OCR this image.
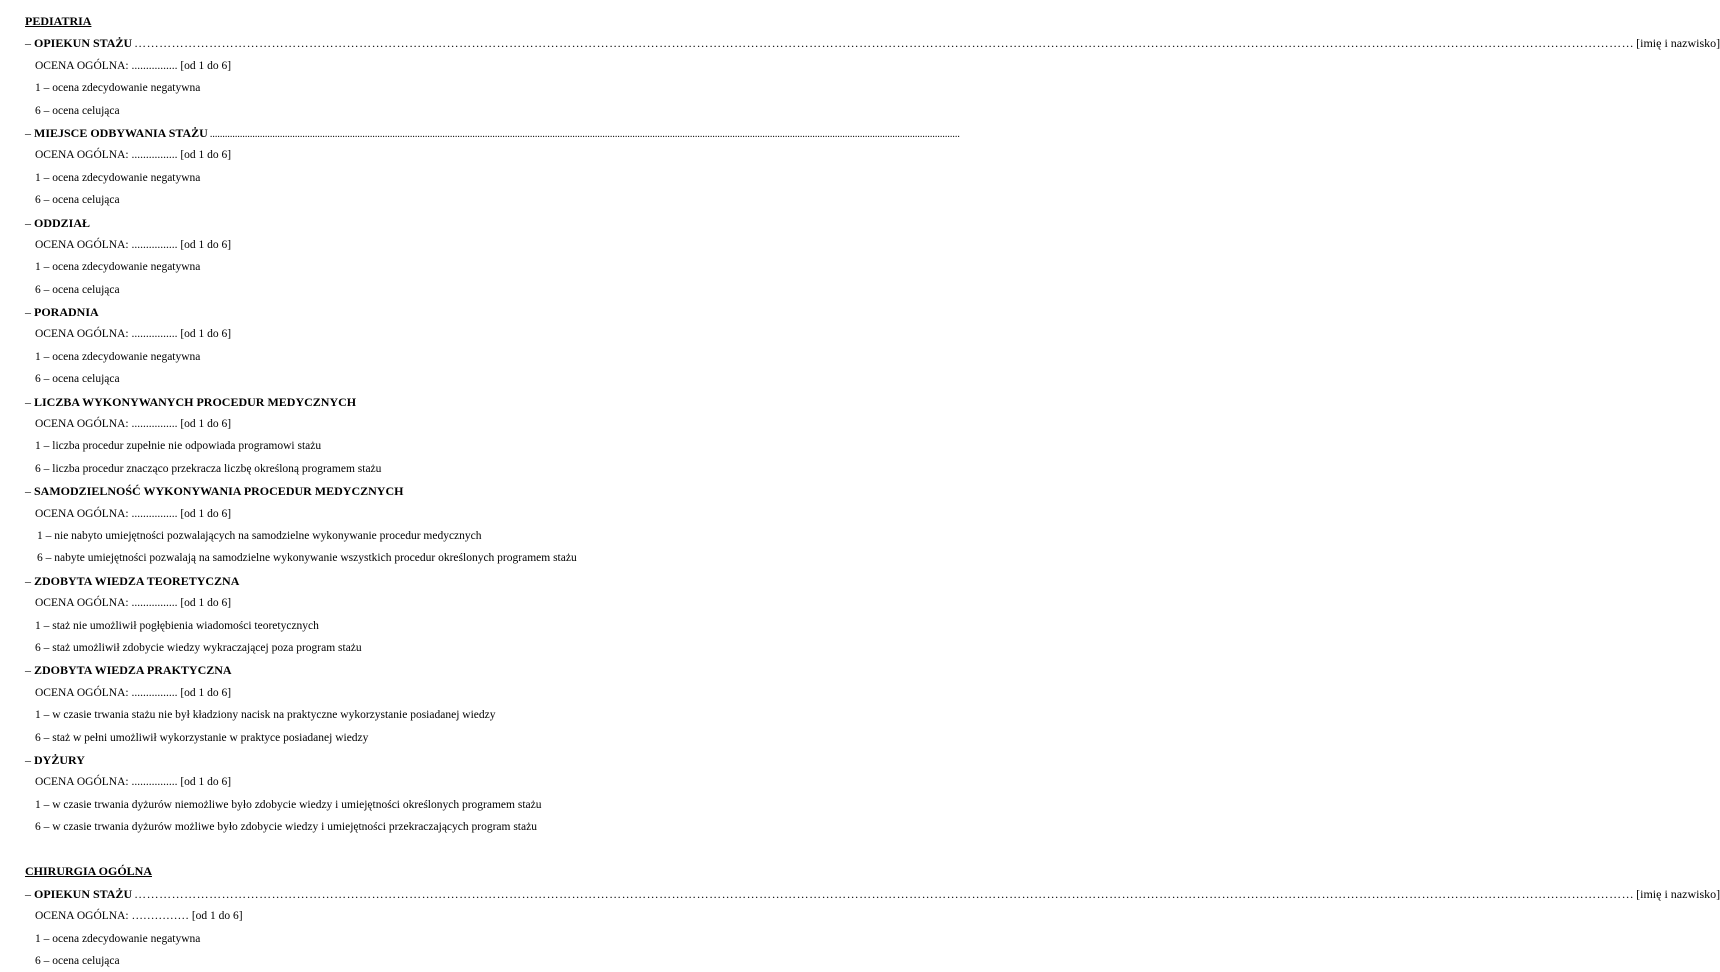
PEDIATRIA
– OPIEKUN STAŻU ……………………………………………………………………………………………………………………………………………………………………………………………………………………………………………………………………………………………………………………………… [imię i nazwisko]
OCENA OGÓLNA: ................ [od 1 do 6]
1 – ocena zdecydowanie negatywna
6 – ocena celująca
– MIEJSCE ODBYWANIA STAŻU ............................................................................................................................................................................................................................................................................................................
OCENA OGÓLNA: ................ [od 1 do 6]
1 – ocena zdecydowanie negatywna
6 – ocena celująca
– ODDZIAŁ
OCENA OGÓLNA: ................ [od 1 do 6]
1 – ocena zdecydowanie negatywna
6 – ocena celująca
– PORADNIA
OCENA OGÓLNA: ................ [od 1 do 6]
1 – ocena zdecydowanie negatywna
6 – ocena celująca
– LICZBA WYKONYWANYCH PROCEDUR MEDYCZNYCH
OCENA OGÓLNA: ................ [od 1 do 6]
1 – liczba procedur zupełnie nie odpowiada programowi stażu
6 – liczba procedur znacząco przekracza liczbę określoną programem stażu
– SAMODZIELNOŚĆ WYKONYWANIA PROCEDUR MEDYCZNYCH
OCENA OGÓLNA: ................ [od 1 do 6]
1 – nie nabyto umiejętności pozwalających na samodzielne wykonywanie procedur medycznych
6 – nabyte umiejętności pozwalają na samodzielne wykonywanie wszystkich procedur określonych programem stażu
– ZDOBYTA WIEDZA TEORETYCZNA
OCENA OGÓLNA: ................ [od 1 do 6]
1 – staż nie umożliwił pogłębienia wiadomości teoretycznych
6 – staż umożliwił zdobycie wiedzy wykraczającej poza program stażu
– ZDOBYTA WIEDZA PRAKTYCZNA
OCENA OGÓLNA: ................ [od 1 do 6]
1 – w czasie trwania stażu nie był kładziony nacisk na praktyczne wykorzystanie posiadanej wiedzy
6 – staż w pełni umożliwił wykorzystanie w praktyce posiadanej wiedzy
– DYŻURY
OCENA OGÓLNA: ................ [od 1 do 6]
1 – w czasie trwania dyżurów niemożliwe było zdobycie wiedzy i umiejętności określonych programem stażu
6 – w czasie trwania dyżurów możliwe było zdobycie wiedzy i umiejętności przekraczających program stażu
CHIRURGIA OGÓLNA
– OPIEKUN STAŻU ……………………………………………………………………………………………………………………………………………………………………………………………………………………………………………………………………………………………………………………………… [imię i nazwisko]
OCENA OGÓLNA: …………… [od 1 do 6]
1 – ocena zdecydowanie negatywna
6 – ocena celująca
